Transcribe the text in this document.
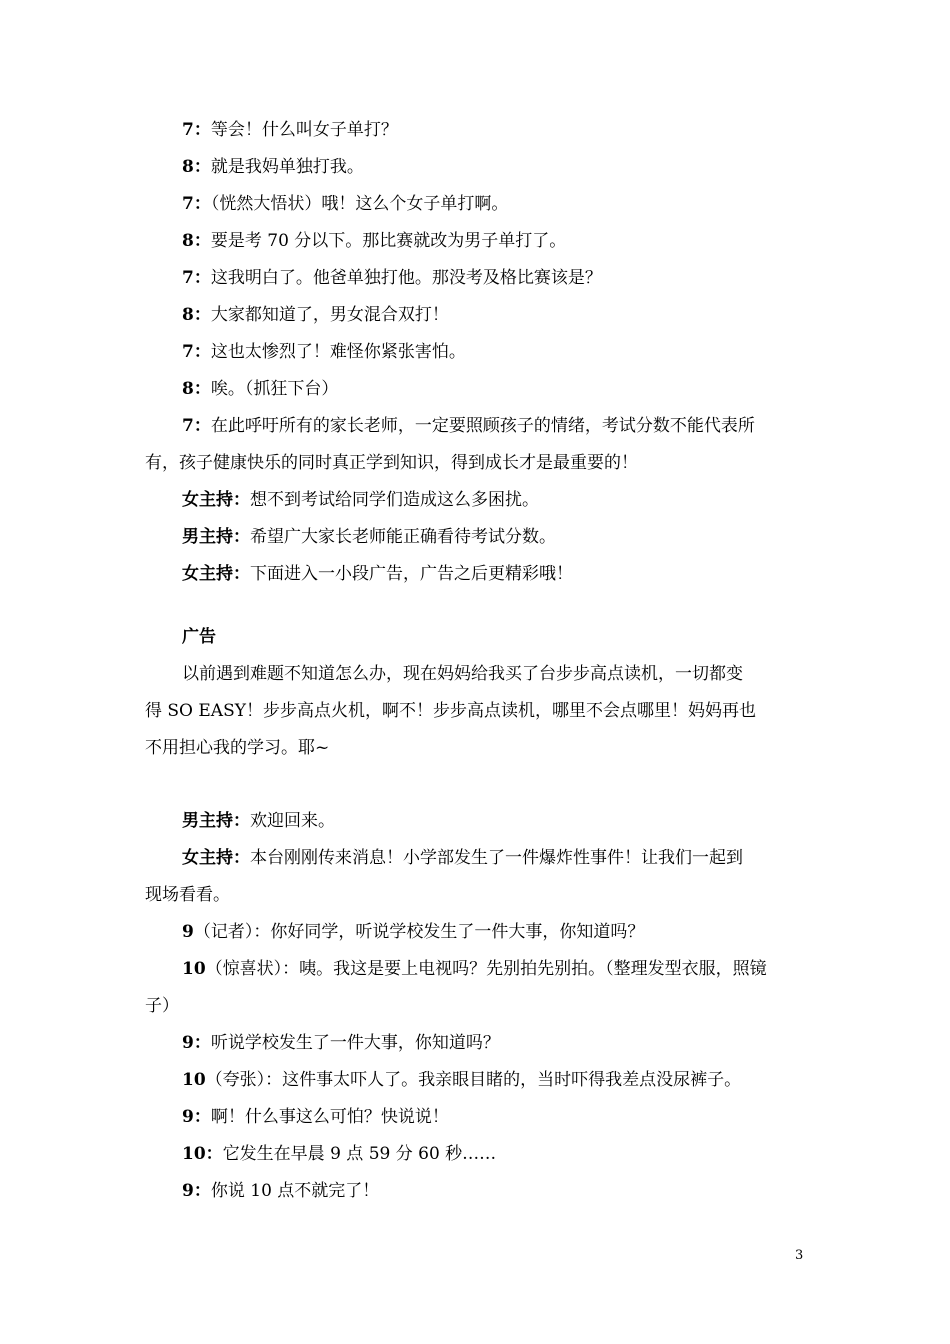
7：等会！什么叫女子单打？
8：就是我妈单独打我。
7：（恍然大悟状）哦！这么个女子单打啊。
8：要是考 70 分以下。那比赛就改为男子单打了。
7：这我明白了。他爸单独打他。那没考及格比赛该是？
8：大家都知道了，男女混合双打！
7：这也太惨烈了！难怪你紧张害怕。
8：唉。（抓狂下台）
7：在此呼吁所有的家长老师，一定要照顾孩子的情绪，考试分数不能代表所
有，孩子健康快乐的同时真正学到知识，得到成长才是最重要的！
女主持：想不到考试给同学们造成这么多困扰。
男主持：希望广大家长老师能正确看待考试分数。
女主持：下面进入一小段广告，广告之后更精彩哦！
广告
以前遇到难题不知道怎么办，现在妈妈给我买了台步步高点读机，一切都变
得 SO EASY！步步高点火机，啊不！步步高点读机，哪里不会点哪里！妈妈再也
不用担心我的学习。耶~
男主持：欢迎回来。
女主持：本台刚刚传来消息！小学部发生了一件爆炸性事件！让我们一起到
现场看看。
9（记者）：你好同学，听说学校发生了一件大事，你知道吗？
10（惊喜状）：咦。我这是要上电视吗？先别拍先别拍。（整理发型衣服，照镜
子）
9：听说学校发生了一件大事，你知道吗？
10（夸张）：这件事太吓人了。我亲眼目睹的，当时吓得我差点没尿裤子。
9：啊！什么事这么可怕？快说说！
10：它发生在早晨 9 点 59 分 60 秒……
9：你说 10 点不就完了！
3
